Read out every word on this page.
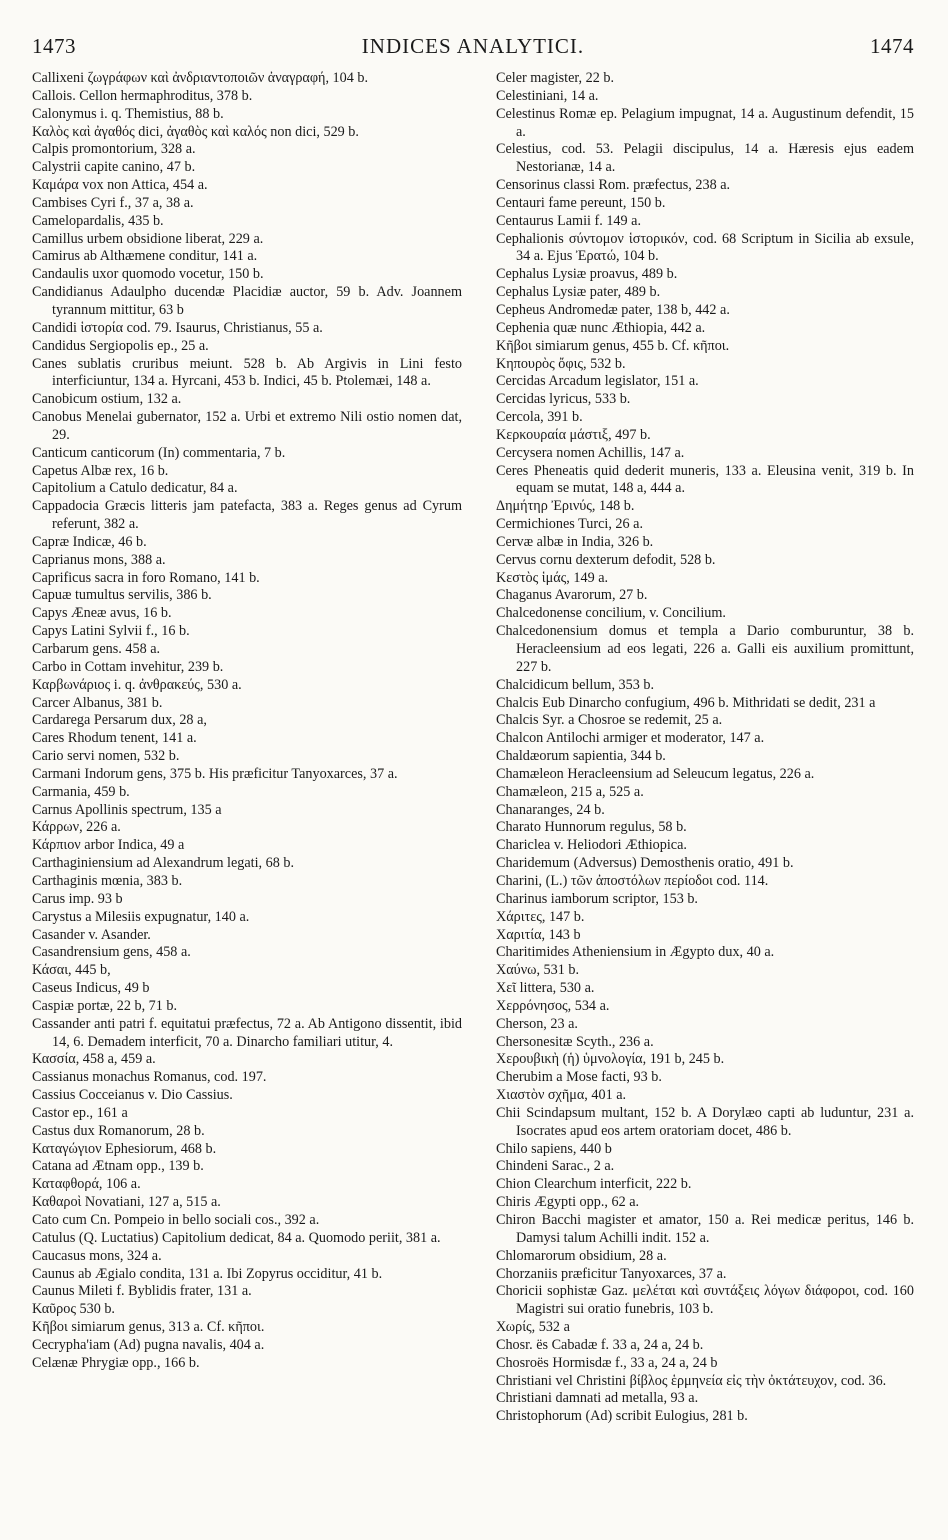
1473	INDICES ANALYTICI.	1474

Callixeni ζωγράφων καὶ ἀνδριαντοποιῶν ἀναγραφή, 104 b.

Callois. Cellon hermaphroditus, 378 b.

Calonymus i. q. Themistius, 88 b.

Καλὸς καὶ ἀγαθός dici, ἀγαθὸς καὶ καλός non dici, 529 b.

Calpis promontorium, 328 a.

Calystrii capite canino, 47 b.

Καμάρα vox non Attica, 454 a.

Cambises Cyri f., 37 a, 38 a.

Camelopardalis, 435 b.

Camillus urbem obsidione liberat, 229 a.

Camirus ab Althæmene conditur, 141 a.

Candaulis uxor quomodo vocetur, 150 b.

Candidianus Adaulpho ducendæ Placidiæ auctor, 59 b. Adv. Joannem tyrannum mittitur, 63 b

Candidi ἱστορία cod. 79. Isaurus, Christianus, 55 a.

Candidus Sergiopolis ep., 25 a.

Canes sublatis cruribus meiunt. 528 b. Ab Argivis in Lini festo interficiuntur, 134 a. Hyrcani, 453 b. Indici, 45 b. Ptolemæi, 148 a.

Canobicum ostium, 132 a.

Canobus Menelai gubernator, 152 a. Urbi et extremo Nili ostio nomen dat, 29.

Canticum canticorum (In) commentaria, 7 b.

Capetus Albæ rex, 16 b.

Capitolium a Catulo dedicatur, 84 a.

Cappadocia Græcis litteris jam patefacta, 383 a. Reges genus ad Cyrum referunt, 382 a.

Capræ Indicæ, 46 b.

Caprianus mons, 388 a.

Caprificus sacra in foro Romano, 141 b.

Capuæ tumultus servilis, 386 b.

Capys Æneæ avus, 16 b.

Capys Latini Sylvii f., 16 b.

Carbarum gens. 458 a.

Carbo in Cottam invehitur, 239 b.

Καρβωνάριος i. q. ἀνθρακεύς, 530 a.

Carcer Albanus, 381 b.

Cardarega Persarum dux, 28 a,

Cares Rhodum tenent, 141 a.

Cario servi nomen, 532 b.

Carmani Indorum gens, 375 b. His præficitur Tanyoxarces, 37 a.

Carmania, 459 b.

Carnus Apollinis spectrum, 135 a

Κάρρων, 226 a.

Κάρπιον arbor Indica, 49 a

Carthaginiensium ad Alexandrum legati, 68 b.

Carthaginis mœnia, 383 b.

Carus imp. 93 b

Carystus a Milesiis expugnatur, 140 a.

Casander v. Asander.

Casandrensium gens, 458 a.

Κάσαι, 445 b,

Caseus Indicus, 49 b

Caspiæ portæ, 22 b, 71 b.

Cassander anti patri f. equitatui præfectus, 72 a. Ab Antigono dissentit, ibid 14, 6. Demadem interficit, 70 a. Dinarcho familiari utitur, 4.

Κασσία, 458 a, 459 a.

Cassianus monachus Romanus, cod. 197.

Cassius Cocceianus v. Dio Cassius.

Castor ep., 161 a

Castus dux Romanorum, 28 b.

Καταγώγιον Ephesiorum, 468 b.

Catana ad Ætnam opp., 139 b.

Καταφθορά, 106 a.

Καθαροὶ Novatiani, 127 a, 515 a.

Cato cum Cn. Pompeio in bello sociali cos., 392 a.

Catulus (Q. Luctatius) Capitolium dedicat, 84 a. Quomodo periit, 381 a.

Caucasus mons, 324 a.

Caunus ab Ægialo condita, 131 a. Ibi Zopyrus occiditur, 41 b.

Caunus Mileti f. Byblidis frater, 131 a.

Καῦρος 530 b.

Κῆβοι simiarum genus, 313 a. Cf. κῆποι.

Cecrypha'iam (Ad) pugna navalis, 404 a.

Celænæ Phrygiæ opp., 166 b.

Celer magister, 22 b.

Celestiniani, 14 a.

Celestinus Romæ ep. Pelagium impugnat, 14 a. Augustinum defendit, 15 a.

Celestius, cod. 53. Pelagii discipulus, 14 a. Hæresis ejus eadem Nestorianæ, 14 a.

Censorinus classi Rom. præfectus, 238 a.

Centauri fame pereunt, 150 b.

Centaurus Lamii f. 149 a.

Cephalionis σύντομον ἱστορικόν, cod. 68 Scriptum in Sicilia ab exsule, 34 a. Ejus Ἐρατώ, 104 b.

Cephalus Lysiæ proavus, 489 b.

Cephalus Lysiæ pater, 489 b.

Cepheus Andromedæ pater, 138 b, 442 a.

Cephenia quæ nunc Æthiopia, 442 a.

Κῆβοι simiarum genus, 455 b. Cf. κῆποι.

Κηπουρὸς ὄφις, 532 b.

Cercidas Arcadum legislator, 151 a.

Cercidas lyricus, 533 b.

Cercola, 391 b.

Κερκουραία μάστιξ, 497 b.

Cercysera nomen Achillis, 147 a.

Ceres Pheneatis quid dederit muneris, 133 a. Eleusina venit, 319 b. In equam se mutat, 148 a, 444 a.

Δημήτηρ Ἐρινύς, 148 b.

Cermichiones Turci, 26 a.

Cervæ albæ in India, 326 b.

Cervus cornu dexterum defodit, 528 b.

Κεστὸς ἱμάς, 149 a.

Chaganus Avarorum, 27 b.

Chalcedonense concilium, v. Concilium.

Chalcedonensium domus et templa a Dario comburuntur, 38 b. Heracleensium ad eos legati, 226 a. Galli eis auxilium promittunt, 227 b.

Chalcidicum bellum, 353 b.

Chalcis Eub Dinarcho confugium, 496 b. Mithridati se dedit, 231 a

Chalcis Syr. a Chosroe se redemit, 25 a.

Chalcon Antilochi armiger et moderator, 147 a.

Chaldæorum sapientia, 344 b.

Chamæleon Heracleensium ad Seleucum legatus, 226 a.

Chamæleon, 215 a, 525 a.

Chanaranges, 24 b.

Charato Hunnorum regulus, 58 b.

Chariclea v. Heliodori Æthiopica.

Charidemum (Adversus) Demosthenis oratio, 491 b.

Charini, (L.) τῶν ἀποστόλων περίοδοι cod. 114.

Charinus iamborum scriptor, 153 b.

Χάριτες, 147 b.

Χαριτία, 143 b

Charitimides Atheniensium in Ægypto dux, 40 a.

Χαύνω, 531 b.

Χεῖ littera, 530 a.

Χερρόνησος, 534 a.

Cherson, 23 a.

Chersonesitæ Scyth., 236 a.

Χερουβικὴ (ἡ) ὑμνολογία, 191 b, 245 b.

Cherubim a Mose facti, 93 b.

Χιαστὸν σχῆμα, 401 a.

Chii Scindapsum multant, 152 b. A Dorylæo capti ab luduntur, 231 a. Isocrates apud eos artem oratoriam docet, 486 b.

Chilo sapiens, 440 b

Chindeni Sarac., 2 a.

Chion Clearchum interficit, 222 b.

Chiris Ægypti opp., 62 a.

Chiron Bacchi magister et amator, 150 a. Rei medicæ peritus, 146 b. Damysi talum Achilli indit. 152 a.

Chlomarorum obsidium, 28 a.

Chorzaniis præficitur Tanyoxarces, 37 a.

Choricii sophistæ Gaz. μελέται καὶ συντάξεις λόγων διάφοροι, cod. 160 Magistri sui oratio funebris, 103 b.

Χωρίς, 532 a

Chosr. ës Cabadæ f. 33 a, 24 a, 24 b.

Chosroës Hormisdæ f., 33 a, 24 a, 24 b

Christiani vel Christini βίβλος ἑρμηνεία εἰς τὴν ὀκτάτευχον, cod. 36.

Christiani damnati ad metalla, 93 a.

Christophorum (Ad) scribit Eulogius, 281 b.
